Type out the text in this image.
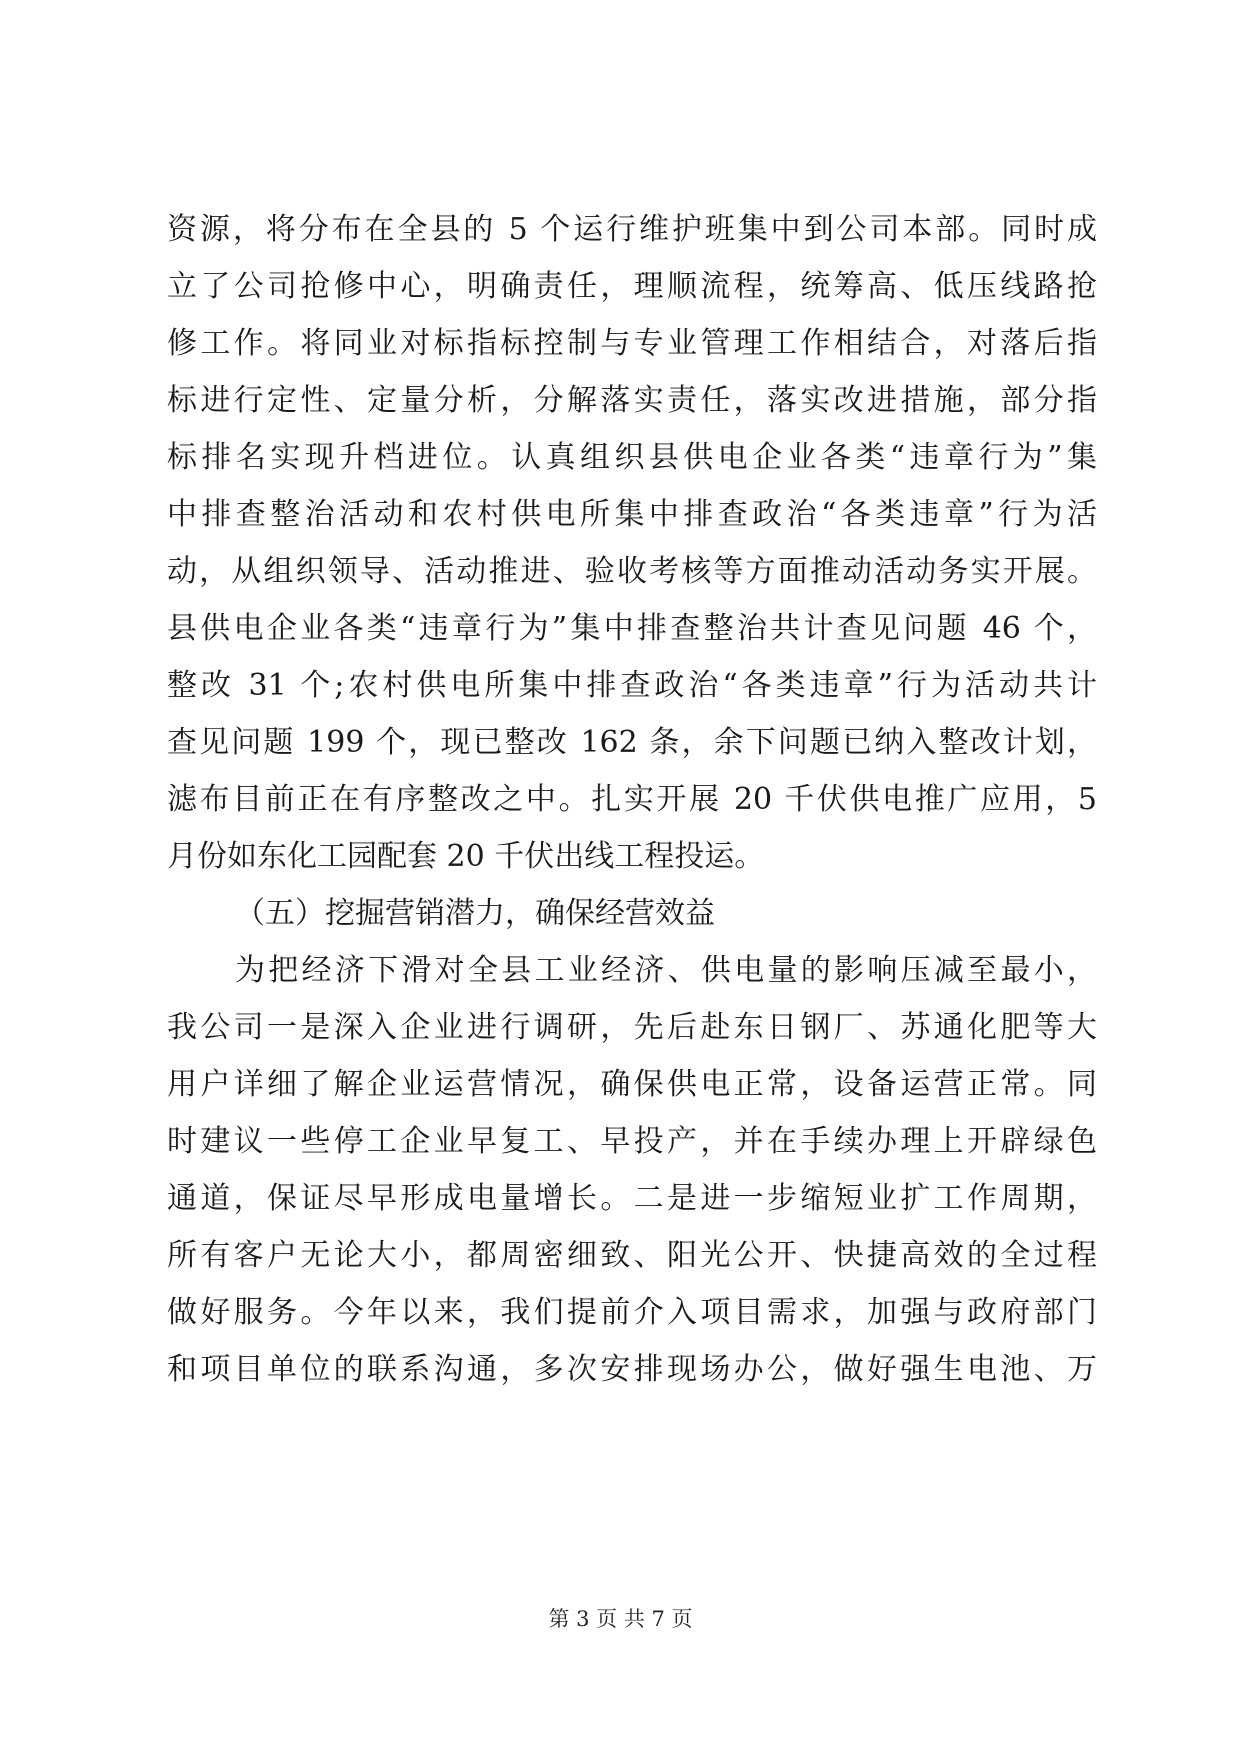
资源，将分布在全县的 5 个运行维护班集中到公司本部。同时成
立了公司抢修中心，明确责任，理顺流程，统筹高、低压线路抢
修工作。将同业对标指标控制与专业管理工作相结合，对落后指
标进行定性、定量分析，分解落实责任，落实改进措施，部分指
标排名实现升档进位。认真组织县供电企业各类“违章行为”集
中排查整治活动和农村供电所集中排查政治“各类违章”行为活
动，从组织领导、活动推进、验收考核等方面推动活动务实开展。
县供电企业各类“违章行为”集中排查整治共计查见问题 46 个，
整改 31 个;农村供电所集中排查政治“各类违章”行为活动共计
查见问题 199 个，现已整改 162 条，余下问题已纳入整改计划，
滤布目前正在有序整改之中。扎实开展 20 千伏供电推广应用，5
月份如东化工园配套 20 千伏出线工程投运。
（五）挖掘营销潜力，确保经营效益
为把经济下滑对全县工业经济、供电量的影响压减至最小，
我公司一是深入企业进行调研，先后赴东日钢厂、苏通化肥等大
用户详细了解企业运营情况，确保供电正常，设备运营正常。同
时建议一些停工企业早复工、早投产，并在手续办理上开辟绿色
通道，保证尽早形成电量增长。二是进一步缩短业扩工作周期，
所有客户无论大小，都周密细致、阳光公开、快捷高效的全过程
做好服务。今年以来，我们提前介入项目需求，加强与政府部门
和项目单位的联系沟通，多次安排现场办公，做好强生电池、万
第 3 页 共 7 页
